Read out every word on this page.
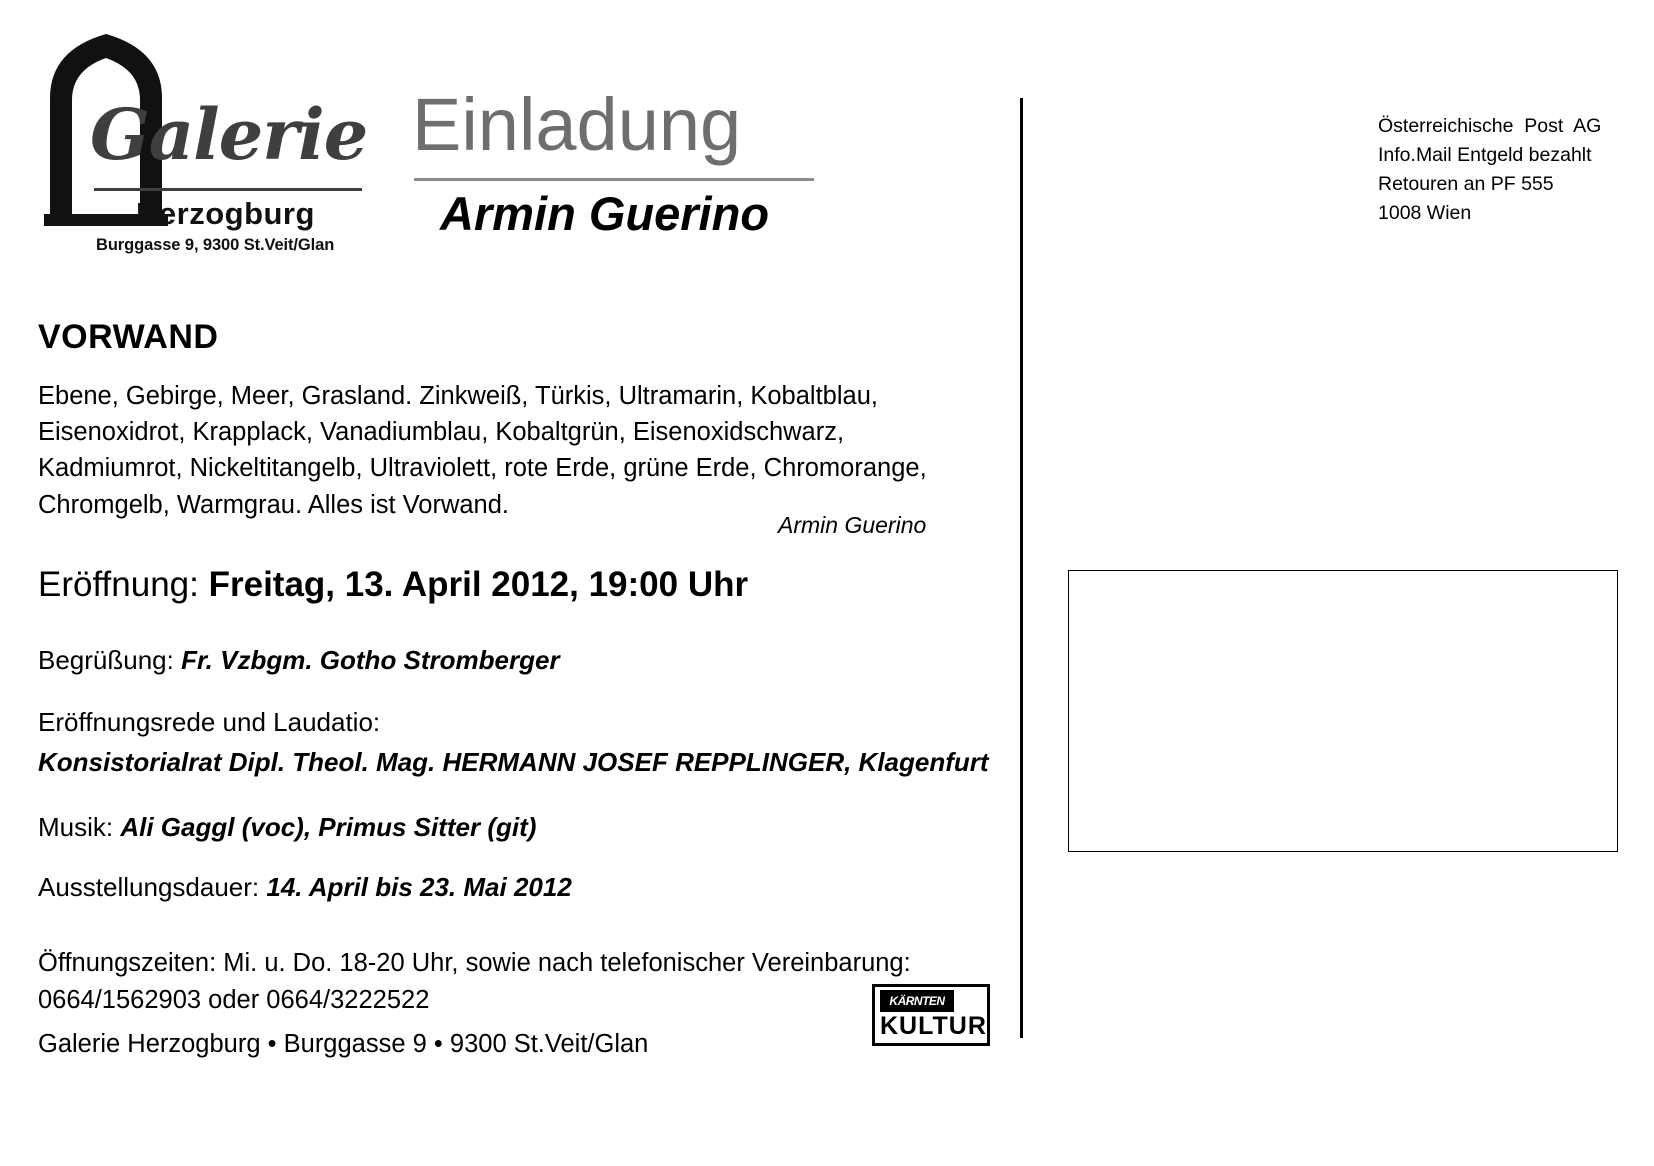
Galerie
Herzogburg
Burggasse 9, 9300 St.Veit/Glan
Einladung
Armin Guerino
Österreichische  Post  AG
Info.Mail Entgeld bezahlt
Retouren an PF 555
1008 Wien
VORWAND
Ebene, Gebirge, Meer, Grasland. Zinkweiß, Türkis, Ultramarin, Kobaltblau, Eisenoxidrot, Krapplack, Vanadiumblau, Kobaltgrün, Eisenoxidschwarz, Kadmiumrot, Nickeltitangelb, Ultraviolett, rote Erde, grüne Erde, Chromorange, Chromgelb, Warmgrau. Alles ist Vorwand.
Armin Guerino
Eröffnung: Freitag, 13. April 2012, 19:00 Uhr
Begrüßung: Fr. Vzbgm. Gotho Stromberger
Eröffnungsrede und Laudatio:
Konsistorialrat Dipl. Theol. Mag. HERMANN JOSEF REPPLINGER, Klagenfurt
Musik: Ali Gaggl (voc), Primus Sitter (git)
Ausstellungsdauer: 14. April bis 23. Mai 2012
Öffnungszeiten: Mi. u. Do. 18-20 Uhr, sowie nach telefonischer Vereinbarung: 0664/1562903 oder 0664/3222522
Galerie Herzogburg • Burggasse 9 • 9300 St.Veit/Glan
KÄRNTEN
KULTUR
